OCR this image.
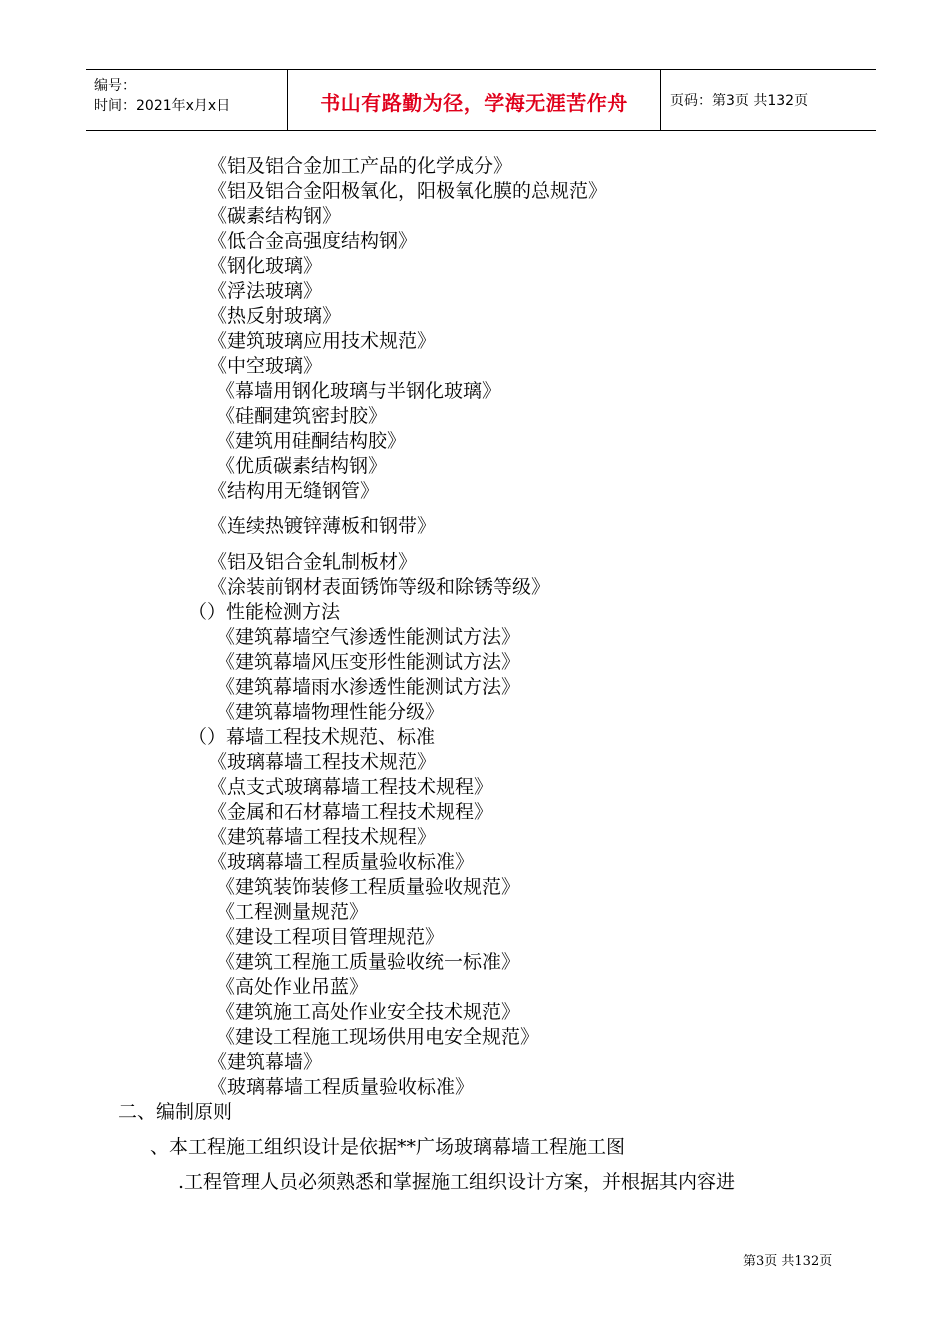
编号：
时间：2021年x月x日	书山有路勤为径，学海无涯苦作舟	页码：第3页 共132页
《铝及铝合金加工产品的化学成分》
《铝及铝合金阳极氧化，阳极氧化膜的总规范》
《碳素结构钢》
《低合金高强度结构钢》
《钢化玻璃》
《浮法玻璃》
《热反射玻璃》
《建筑玻璃应用技术规范》
《中空玻璃》
《幕墙用钢化玻璃与半钢化玻璃》
《硅酮建筑密封胶》
《建筑用硅酮结构胶》
《优质碳素结构钢》
《结构用无缝钢管》
《连续热镀锌薄板和钢带》
《铝及铝合金轧制板材》
《涂装前钢材表面锈饰等级和除锈等级》
（）性能检测方法
《建筑幕墙空气渗透性能测试方法》
《建筑幕墙风压变形性能测试方法》
《建筑幕墙雨水渗透性能测试方法》
《建筑幕墙物理性能分级》
（）幕墙工程技术规范、标准
《玻璃幕墙工程技术规范》
《点支式玻璃幕墙工程技术规程》
《金属和石材幕墙工程技术规程》
《建筑幕墙工程技术规程》
《玻璃幕墙工程质量验收标准》
《建筑装饰装修工程质量验收规范》
《工程测量规范》
《建设工程项目管理规范》
《建筑工程施工质量验收统一标准》
《高处作业吊蓝》
《建筑施工高处作业安全技术规范》
《建设工程施工现场供用电安全规范》
《建筑幕墙》
《玻璃幕墙工程质量验收标准》
二、编制原则
、本工程施工组织设计是依据**广场玻璃幕墙工程施工图
.工程管理人员必须熟悉和掌握施工组织设计方案，并根据其内容进
第3页 共132页
